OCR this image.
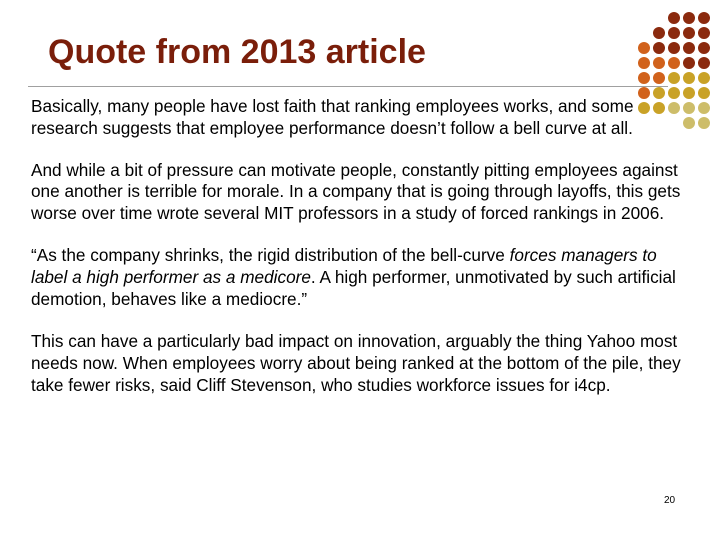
Quote from 2013 article

Basically, many people have lost faith that ranking employees works, and some research suggests that employee performance doesn’t follow a bell curve at all.

And while a bit of pressure can motivate people, constantly pitting employees against one another is terrible for morale. In a company that is going through layoffs, this gets worse over time wrote several MIT professors in a study of forced rankings in 2006.

“As the company shrinks, the rigid distribution of the bell-curve forces managers to label a high performer as a medicore. A high performer, unmotivated by such artificial demotion, behaves like a mediocre.”

This can have a particularly bad impact on innovation, arguably the thing Yahoo most needs now. When employees worry about being ranked at the bottom of the pile, they take fewer risks, said Cliff Stevenson, who studies workforce issues for i4cp.

20
